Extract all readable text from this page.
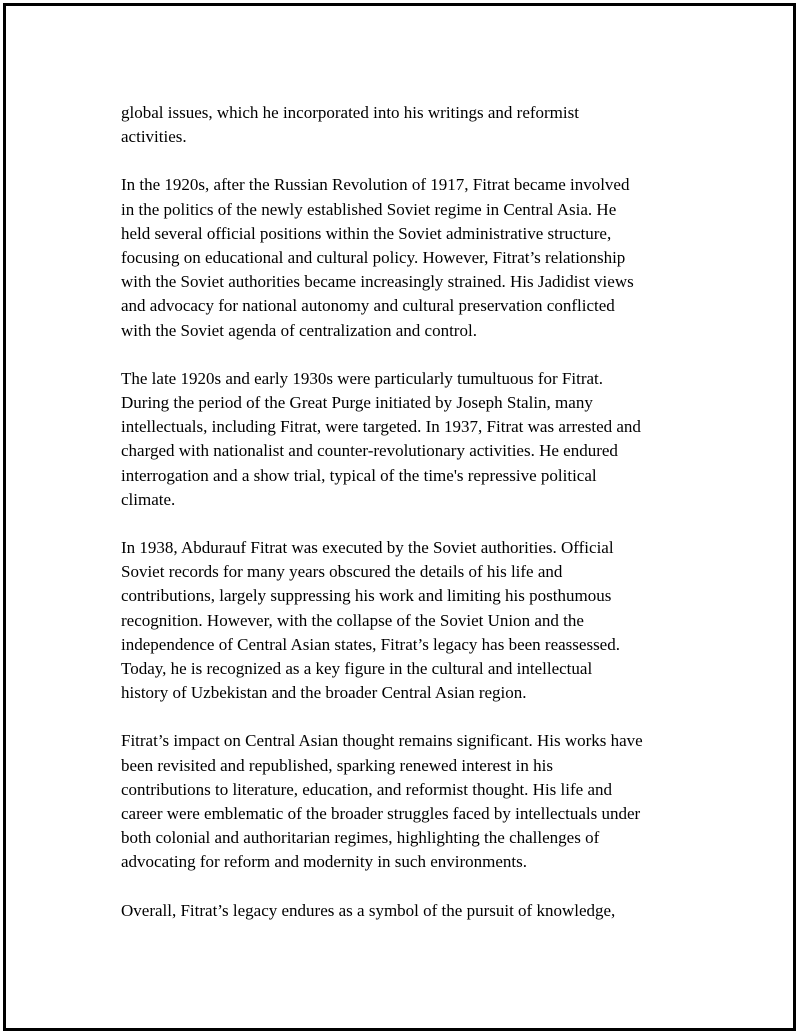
global issues, which he incorporated into his writings and reformist
activities.

In the 1920s, after the Russian Revolution of 1917, Fitrat became involved
in the politics of the newly established Soviet regime in Central Asia. He
held several official positions within the Soviet administrative structure,
focusing on educational and cultural policy. However, Fitrat’s relationship
with the Soviet authorities became increasingly strained. His Jadidist views
and advocacy for national autonomy and cultural preservation conflicted
with the Soviet agenda of centralization and control.

The late 1920s and early 1930s were particularly tumultuous for Fitrat.
During the period of the Great Purge initiated by Joseph Stalin, many
intellectuals, including Fitrat, were targeted. In 1937, Fitrat was arrested and
charged with nationalist and counter-revolutionary activities. He endured
interrogation and a show trial, typical of the time's repressive political
climate.

In 1938, Abdurauf Fitrat was executed by the Soviet authorities. Official
Soviet records for many years obscured the details of his life and
contributions, largely suppressing his work and limiting his posthumous
recognition. However, with the collapse of the Soviet Union and the
independence of Central Asian states, Fitrat’s legacy has been reassessed.
Today, he is recognized as a key figure in the cultural and intellectual
history of Uzbekistan and the broader Central Asian region.

Fitrat’s impact on Central Asian thought remains significant. His works have
been revisited and republished, sparking renewed interest in his
contributions to literature, education, and reformist thought. His life and
career were emblematic of the broader struggles faced by intellectuals under
both colonial and authoritarian regimes, highlighting the challenges of
advocating for reform and modernity in such environments.

Overall, Fitrat’s legacy endures as a symbol of the pursuit of knowledge,
